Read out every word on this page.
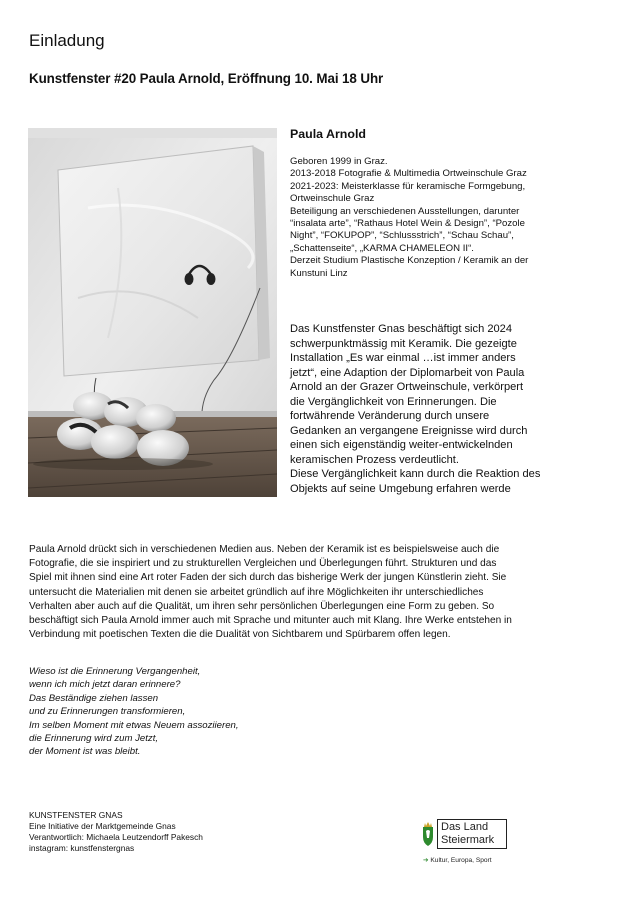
Einladung
Kunstfenster #20 Paula Arnold, Eröffnung 10. Mai 18 Uhr
Paula Arnold
Geboren 1999 in Graz.
2013-2018 Fotografie & Multimedia Ortweinschule Graz
2021-2023: Meisterklasse für keramische Formgebung,
Ortweinschule Graz
Beteiligung an verschiedenen Ausstellungen, darunter
“insalata arte”, “Rathaus Hotel Wein & Design”, “Pozole
Night”, “FOKUPOP”, “Schlussstrich”, “Schau Schau”,
„Schattenseite“, „KARMA CHAMELEON II“.
Derzeit Studium Plastische Konzeption / Keramik an der
Kunstuni Linz
Das Kunstfenster Gnas beschäftigt sich 2024
schwerpunktmässig mit Keramik. Die gezeigte
Installation „Es war einmal …ist immer anders
jetzt“, eine Adaption der Diplomarbeit von Paula
Arnold an der Grazer Ortweinschule, verkörpert
die Vergänglichkeit von Erinnerungen. Die
fortwährende Veränderung durch unsere
Gedanken an vergangene Ereignisse wird durch
einen sich eigenständig weiter-entwickelnden
keramischen Prozess verdeutlicht.
Diese Vergänglichkeit kann durch die Reaktion des
Objekts auf seine Umgebung erfahren werde
Paula Arnold drückt sich in verschiedenen Medien aus. Neben der Keramik ist es beispielsweise auch die
Fotografie, die sie inspiriert und zu strukturellen Vergleichen und Überlegungen führt. Strukturen und das
Spiel mit ihnen sind eine Art roter Faden der sich durch das bisherige Werk der jungen Künstlerin zieht. Sie
untersucht die Materialien mit denen sie arbeitet gründlich auf ihre Möglichkeiten ihr unterschiedliches
Verhalten aber auch auf die Qualität, um ihren sehr persönlichen Überlegungen eine Form zu geben. So
beschäftigt sich Paula Arnold immer auch mit Sprache und mitunter auch mit Klang. Ihre Werke entstehen in
Verbindung mit poetischen Texten die die Dualität von Sichtbarem und Spürbarem offen legen.
Wieso ist die Erinnerung Vergangenheit,
wenn ich mich jetzt daran erinnere?
Das Beständige ziehen lassen
und zu Erinnerungen transformieren,
Im selben Moment mit etwas Neuem assoziieren,
die Erinnerung wird zum Jetzt,
der Moment ist was bleibt.
KUNSTFENSTER GNAS
Eine Initiative der Marktgemeinde Gnas
Verantwortlich: Michaela Leutzendorff Pakesch
instagram: kunstfenstergnas
Das Land
Steiermark
➔ Kultur, Europa, Sport
